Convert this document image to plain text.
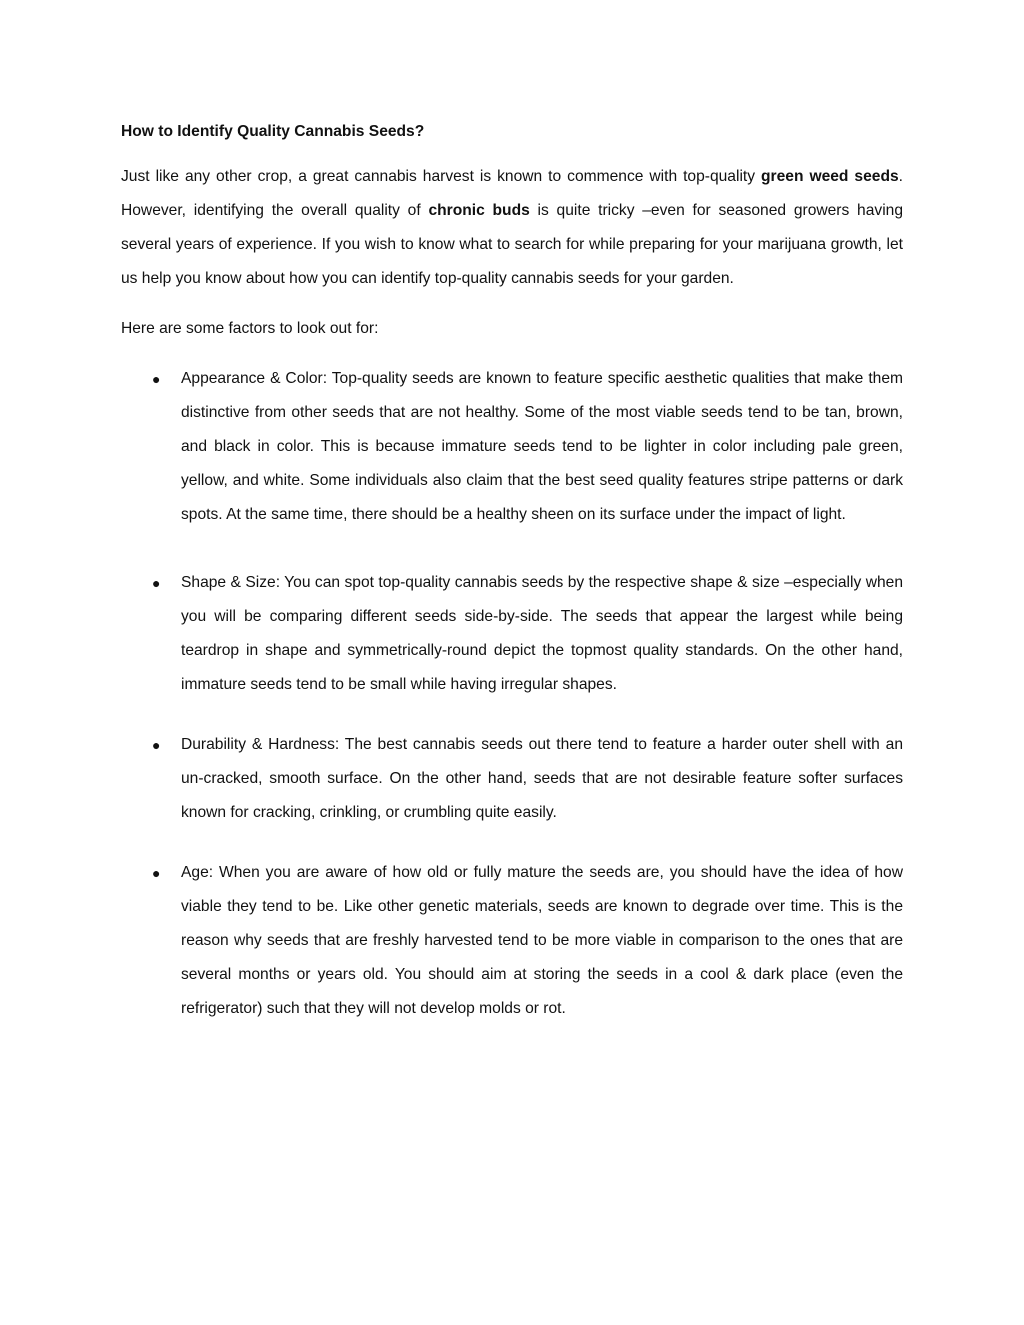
How to Identify Quality Cannabis Seeds?

Just like any other crop, a great cannabis harvest is known to commence with top-quality green weed seeds. However, identifying the overall quality of chronic buds is quite tricky –even for seasoned growers having several years of experience. If you wish to know what to search for while preparing for your marijuana growth, let us help you know about how you can identify top-quality cannabis seeds for your garden.

Here are some factors to look out for:

● Appearance & Color: Top-quality seeds are known to feature specific aesthetic qualities that make them distinctive from other seeds that are not healthy. Some of the most viable seeds tend to be tan, brown, and black in color. This is because immature seeds tend to be lighter in color including pale green, yellow, and white. Some individuals also claim that the best seed quality features stripe patterns or dark spots. At the same time, there should be a healthy sheen on its surface under the impact of light.
● Shape & Size: You can spot top-quality cannabis seeds by the respective shape & size –especially when you will be comparing different seeds side-by-side. The seeds that appear the largest while being teardrop in shape and symmetrically-round depict the topmost quality standards. On the other hand, immature seeds tend to be small while having irregular shapes.
● Durability & Hardness: The best cannabis seeds out there tend to feature a harder outer shell with an un-cracked, smooth surface. On the other hand, seeds that are not desirable feature softer surfaces known for cracking, crinkling, or crumbling quite easily.
● Age: When you are aware of how old or fully mature the seeds are, you should have the idea of how viable they tend to be. Like other genetic materials, seeds are known to degrade over time. This is the reason why seeds that are freshly harvested tend to be more viable in comparison to the ones that are several months or years old. You should aim at storing the seeds in a cool & dark place (even the refrigerator) such that they will not develop molds or rot.
